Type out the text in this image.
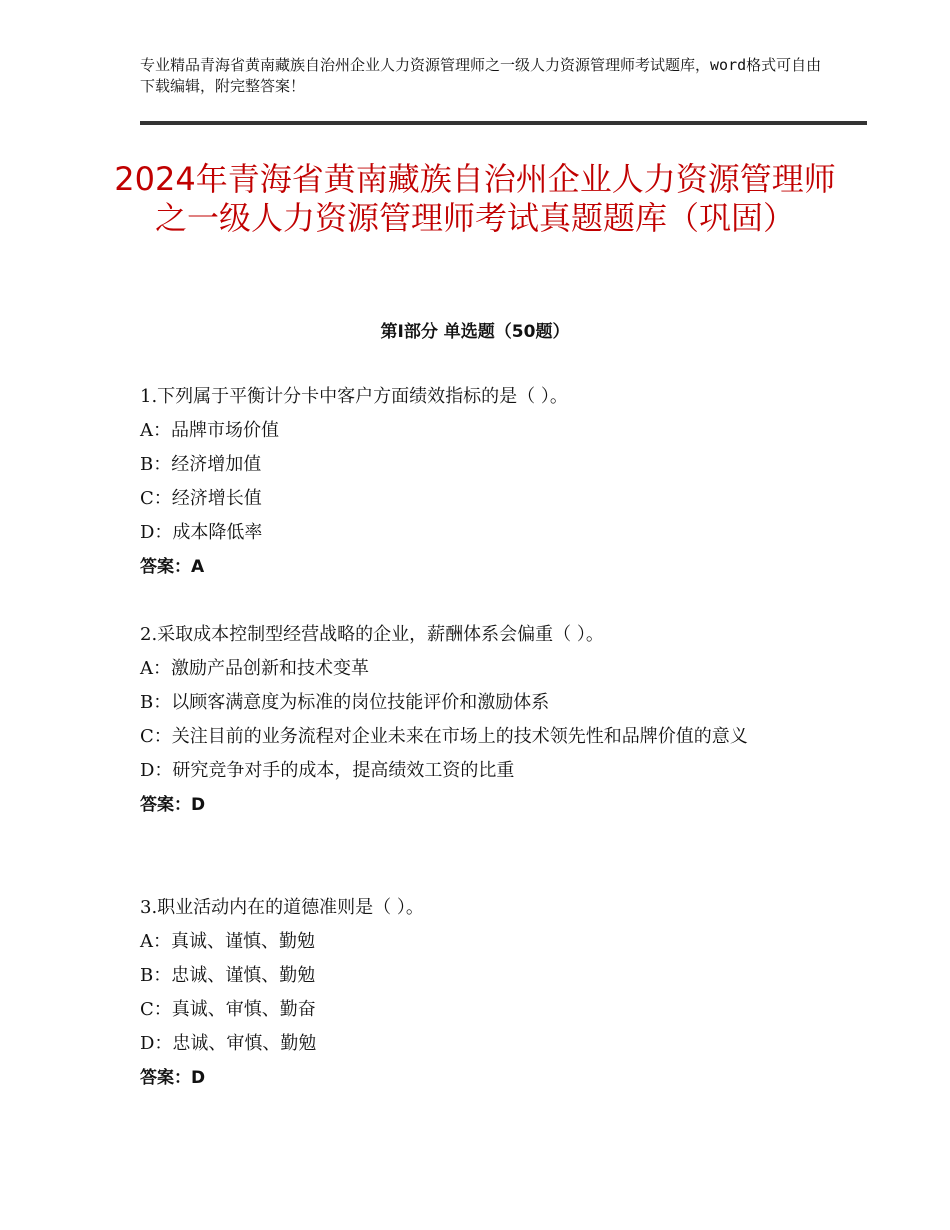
专业精品青海省黄南藏族自治州企业人力资源管理师之一级人力资源管理师考试题库，word格式可自由下载编辑，附完整答案！
2024年青海省黄南藏族自治州企业人力资源管理师之一级人力资源管理师考试真题题库（巩固）
第Ⅰ部分 单选题（50题）
1.下列属于平衡计分卡中客户方面绩效指标的是（ ）。
A：品牌市场价值
B：经济增加值
C：经济增长值
D：成本降低率
答案：A
2.采取成本控制型经营战略的企业，薪酬体系会偏重（ ）。
A：激励产品创新和技术变革
B：以顾客满意度为标准的岗位技能评价和激励体系
C：关注目前的业务流程对企业未来在市场上的技术领先性和品牌价值的意义
D：研究竞争对手的成本，提高绩效工资的比重
答案：D
3.职业活动内在的道德准则是（ ）。
A：真诚、谨慎、勤勉
B：忠诚、谨慎、勤勉
C：真诚、审慎、勤奋
D：忠诚、审慎、勤勉
答案：D
